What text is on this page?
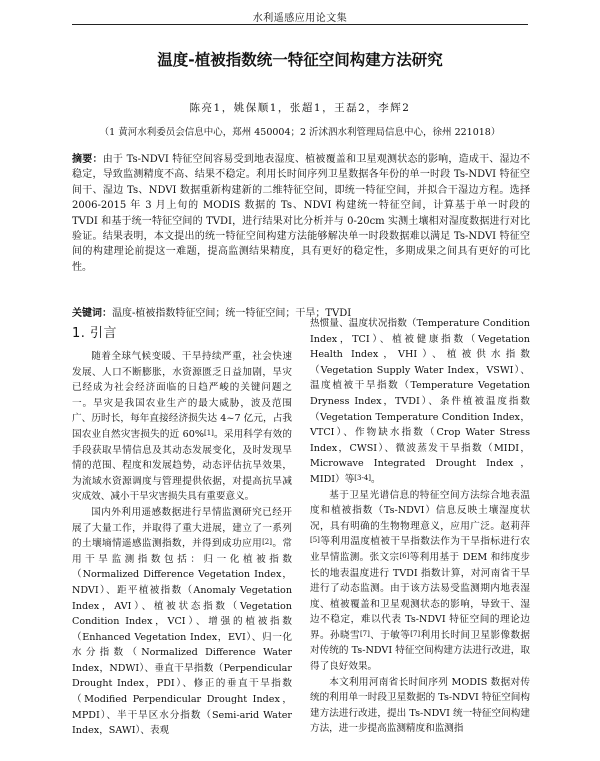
水利遥感应用论文集
温度-植被指数统一特征空间构建方法研究
陈亮1，姚保顺1，张超1，王磊2，李辉2
（1 黄河水利委员会信息中心，郑州 450004；2 沂沭泗水利管理局信息中心，徐州 221018）
摘要：由于 Ts-NDVI 特征空间容易受到地表湿度、植被覆盖和卫星观测状态的影响，造成干、湿边不稳定，导致监测精度不高、结果不稳定。利用长时间序列卫星数据各年份的单一时段 Ts-NDVI 特征空间干、湿边 Ts、NDVI 数据重新构建新的二维特征空间，即统一特征空间，并拟合干湿边方程。选择 2006-2015 年 3 月上旬的 MODIS 数据的 Ts、NDVI 构建统一特征空间，计算基于单一时段的 TVDI 和基于统一特征空间的 TVDI，进行结果对比分析并与 0-20cm 实测土壤相对湿度数据进行对比验证。结果表明，本文提出的统一特征空间构建方法能够解决单一时段数据难以满足 Ts-NDVI 特征空间的构建理论前提这一难题，提高监测结果精度，具有更好的稳定性，多期成果之间具有更好的可比性。
关键词：温度-植被指数特征空间；统一特征空间；干旱；TVDI
1. 引言

随着全球气候变暖、干旱持续严重，社会快速发展、人口不断膨胀，水资源匮乏日益加剧，旱灾已经成为社会经济面临的日趋严峻的关键问题之一。旱灾是我国农业生产的最大威胁，波及范围广、历时长，每年直接经济损失达 4~7 亿元，占我国农业自然灾害损失的近 60%[1]。采用科学有效的手段获取旱情信息及其动态发展变化，及时发现旱情的范围、程度和发展趋势，动态评估抗旱效果，为流域水资源调度与管理提供依据，对提高抗旱减灾成效、减小干旱灾害损失具有重要意义。

国内外利用遥感数据进行旱情监测研究已经开展了大量工作，并取得了重大进展，建立了一系列的土壤墒情遥感监测指数，并得到成功应用[2]。常用干旱监测指数包括：归一化植被指数（Normalized Difference Vegetation Index，NDVI）、距平植被指数（Anomaly Vegetation Index，AVI）、植被状态指数（Vegetation Condition Index，VCI）、增强的植被指数（Enhanced Vegetation Index，EVI）、归一化水分指数（Normalized Difference Water Index，NDWI）、垂直干旱指数（Perpendicular Drought Index，PDI）、修正的垂直干旱指数（Modified Perpendicular Drought Index，MPDI）、半干旱区水分指数（Semi-arid Water Index，SAWI）、表观

热惯量、温度状况指数（Temperature Condition Index，TCI）、植被健康指数（Vegetation Health Index，VHI）、植被供水指数（Vegetation Supply Water Index，VSWI）、温度植被干旱指数（Temperature Vegetation Dryness Index，TVDI）、条件植被温度指数（Vegetation Temperature Condition Index，VTCI）、作物缺水指数（Crop Water Stress Index，CWSI）、微波蒸发干旱指数（MIDI，Microwave Integrated Drought Index，MIDI）等[3-4]。

基于卫星光谱信息的特征空间方法综合地表温度和植被指数（Ts-NDVI）信息反映土壤湿度状况，具有明确的生物物理意义，应用广泛。赵莉萍[5]等利用温度植被干旱指数法作为干旱指标进行农业旱情监测。张文宗[6]等利用基于 DEM 和纬度步长的地表温度进行 TVDI 指数计算，对河南省干旱进行了动态监测。由于该方法易受监测期内地表湿度、植被覆盖和卫星观测状态的影响，导致干、湿边不稳定，难以代表 Ts-NDVI 特征空间的理论边界。孙晓雪[7]、于敏等[7]利用长时间卫星影像数据对传统的 Ts-NDVI 特征空间构建方法进行改进，取得了良好效果。

本文利用河南省长时间序列 MODIS 数据对传统的利用单一时段卫星数据的 Ts-NDVI 特征空间构建方法进行改进，提出 Ts-NDVI 统一特征空间构建方法，进一步提高监测精度和监测指
